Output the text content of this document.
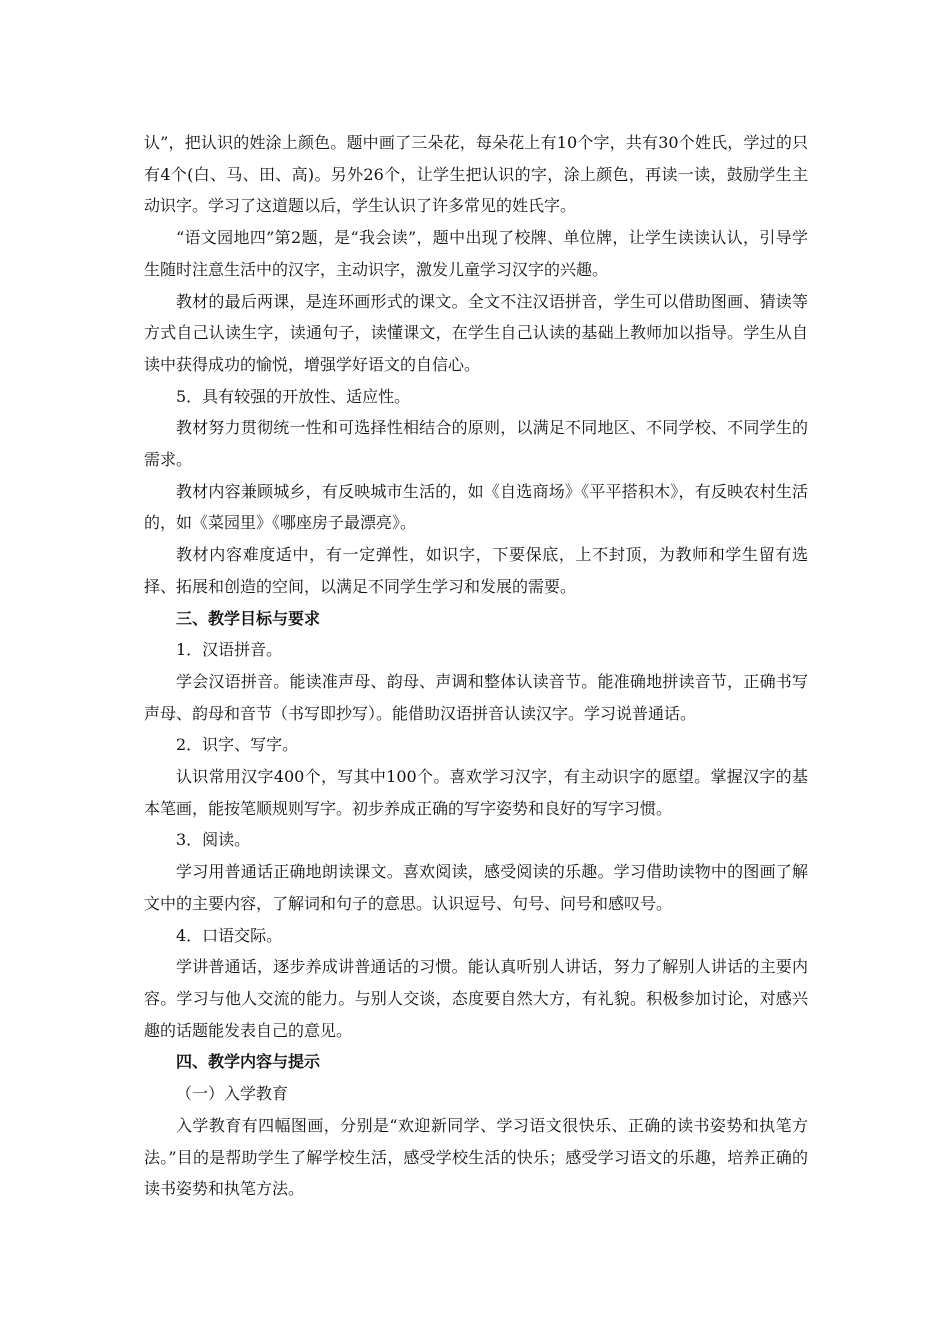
认”，把认识的姓涂上颜色。题中画了三朵花，每朵花上有10个字，共有30个姓氏，学过的只有4个(白、马、田、高)。另外26个，让学生把认识的字，涂上颜色，再读一读，鼓励学生主动识字。学习了这道题以后，学生认识了许多常见的姓氏字。

“语文园地四”第2题，是“我会读”，题中出现了校牌、单位牌，让学生读读认认，引导学生随时注意生活中的汉字，主动识字，激发儿童学习汉字的兴趣。

教材的最后两课，是连环画形式的课文。全文不注汉语拼音，学生可以借助图画、猜读等方式自己认读生字，读通句子，读懂课文，在学生自己认读的基础上教师加以指导。学生从自读中获得成功的愉悦，增强学好语文的自信心。

5．具有较强的开放性、适应性。

教材努力贯彻统一性和可选择性相结合的原则，以满足不同地区、不同学校、不同学生的需求。

教材内容兼顾城乡，有反映城市生活的，如《自选商场》《平平搭积木》，有反映农村生活的，如《菜园里》《哪座房子最漂亮》。

教材内容难度适中，有一定弹性，如识字，下要保底，上不封顶，为教师和学生留有选择、拓展和创造的空间，以满足不同学生学习和发展的需要。

三、教学目标与要求

1．汉语拼音。

学会汉语拼音。能读准声母、韵母、声调和整体认读音节。能准确地拼读音节，正确书写声母、韵母和音节（书写即抄写）。能借助汉语拼音认读汉字。学习说普通话。

2．识字、写字。

认识常用汉字400个，写其中100个。喜欢学习汉字，有主动识字的愿望。掌握汉字的基本笔画，能按笔顺规则写字。初步养成正确的写字姿势和良好的写字习惯。

3．阅读。

学习用普通话正确地朗读课文。喜欢阅读，感受阅读的乐趣。学习借助读物中的图画了解文中的主要内容，了解词和句子的意思。认识逗号、句号、问号和感叹号。

4．口语交际。

学讲普通话，逐步养成讲普通话的习惯。能认真听别人讲话，努力了解别人讲话的主要内容。学习与他人交流的能力。与别人交谈，态度要自然大方，有礼貌。积极参加讨论，对感兴趣的话题能发表自己的意见。

四、教学内容与提示

（一）入学教育

入学教育有四幅图画，分别是“欢迎新同学、学习语文很快乐、正确的读书姿势和执笔方法。”目的是帮助学生了解学校生活，感受学校生活的快乐；感受学习语文的乐趣，培养正确的读书姿势和执笔方法。
